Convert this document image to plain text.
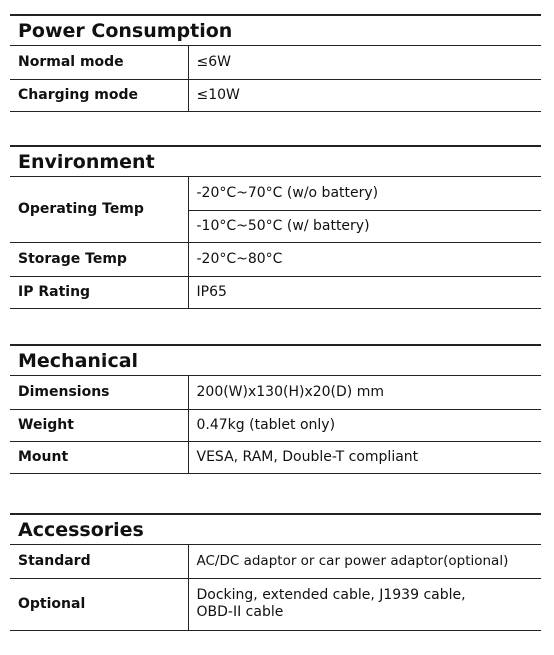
Power Consumption
Normal mode	≤6W
Charging mode	≤10W
Environment
Operating Temp	-20°C~70°C (w/o battery)
	-10°C~50°C (w/ battery)
Storage Temp	-20°C~80°C
IP Rating	IP65
Mechanical
Dimensions	200(W)x130(H)x20(D) mm
Weight	0.47kg (tablet only)
Mount	VESA, RAM, Double-T compliant
Accessories
Standard	AC/DC adaptor or car power adaptor(optional)
Optional	Docking, extended cable, J1939 cable,
OBD-II cable
